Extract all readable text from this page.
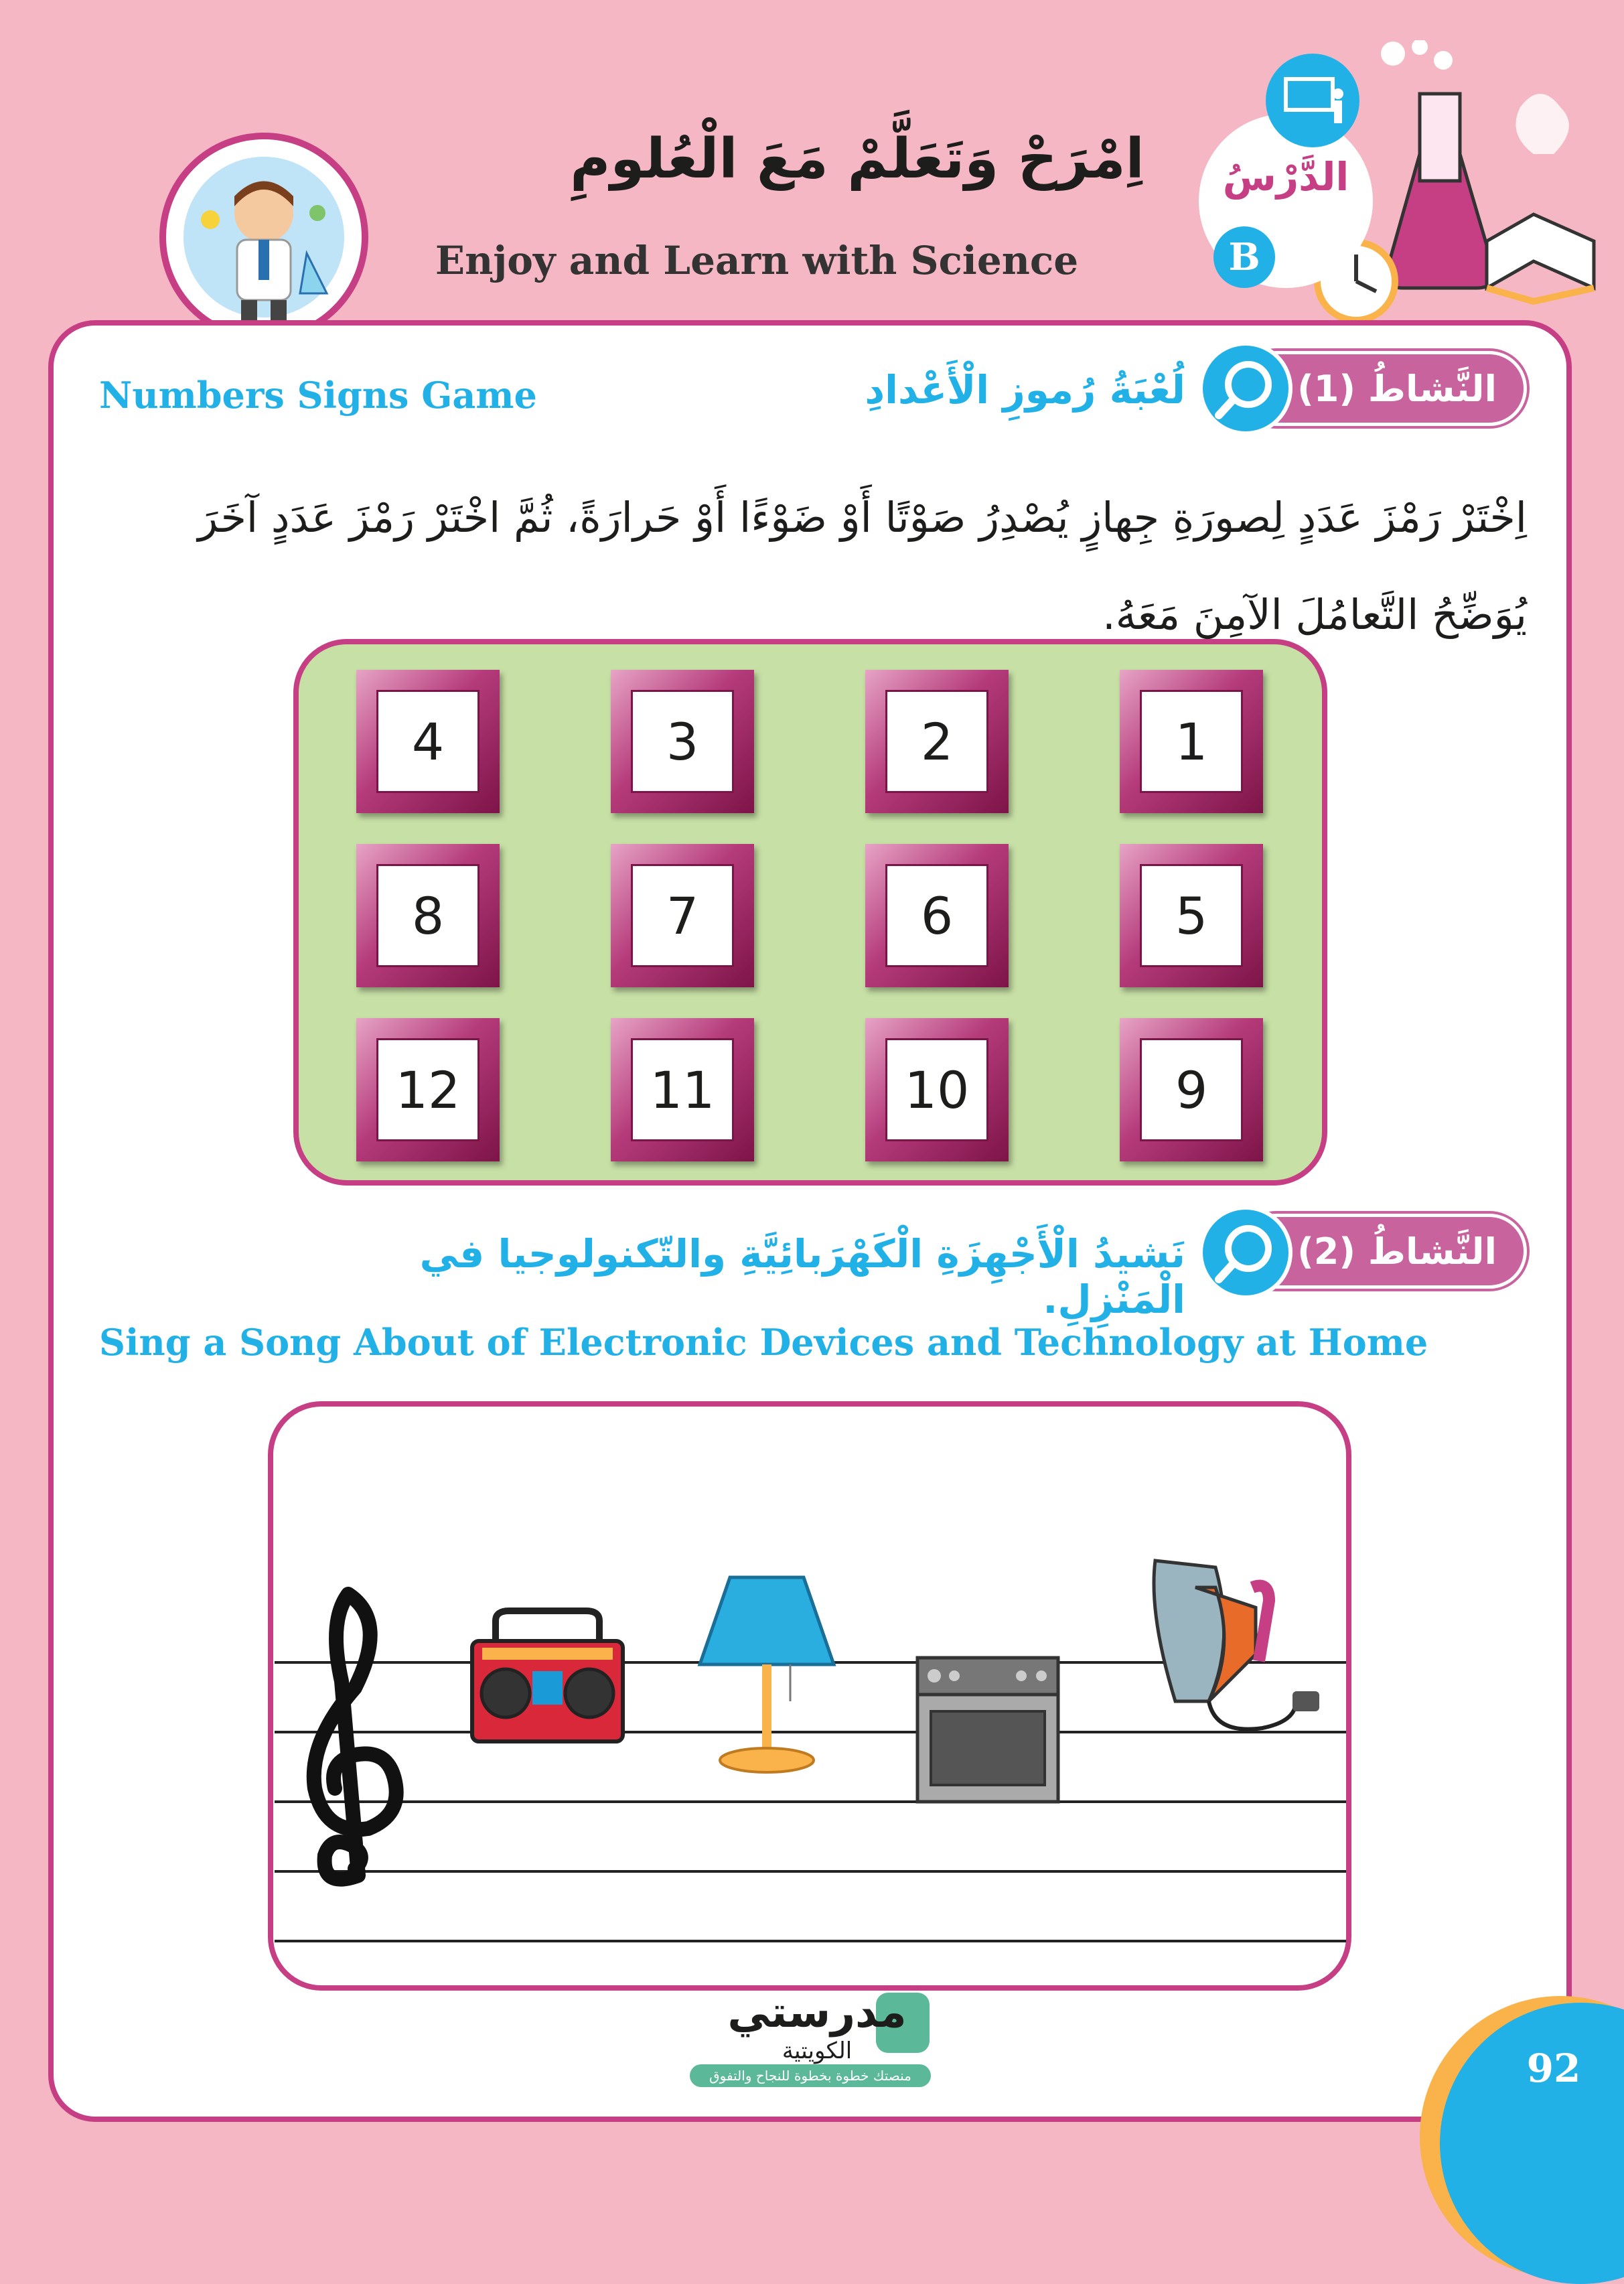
اِمْرَحْ وَتَعَلَّمْ مَعَ الْعُلومِ
Enjoy and Learn with Science
الدَّرْسُ
B
النَّشاطُ (1)
لُعْبَةُ رُموزِ الْأَعْدادِ
Numbers Signs Game
اِخْتَرْ رَمْزَ عَدَدٍ لِصورَةِ جِهازٍ يُصْدِرُ صَوْتًا أَوْ ضَوْءًا أَوْ حَرارَةً، ثُمَّ اخْتَرْ رَمْزَ عَدَدٍ آخَرَ يُوَضِّحُ التَّعامُلَ الآمِنَ مَعَهُ.
1
2
3
4
5
6
7
8
9
10
11
12
النَّشاطُ (2)
نَشيدُ الْأَجْهِزَةِ الْكَهْرَبائِيَّةِ والتّكنولوجيا في الْمَنْزِلِ.
Sing a Song About of Electronic Devices and Technology at Home
مدرستي
الكويتية
منصتك خطوة بخطوة للنجاح والتفوق	92
